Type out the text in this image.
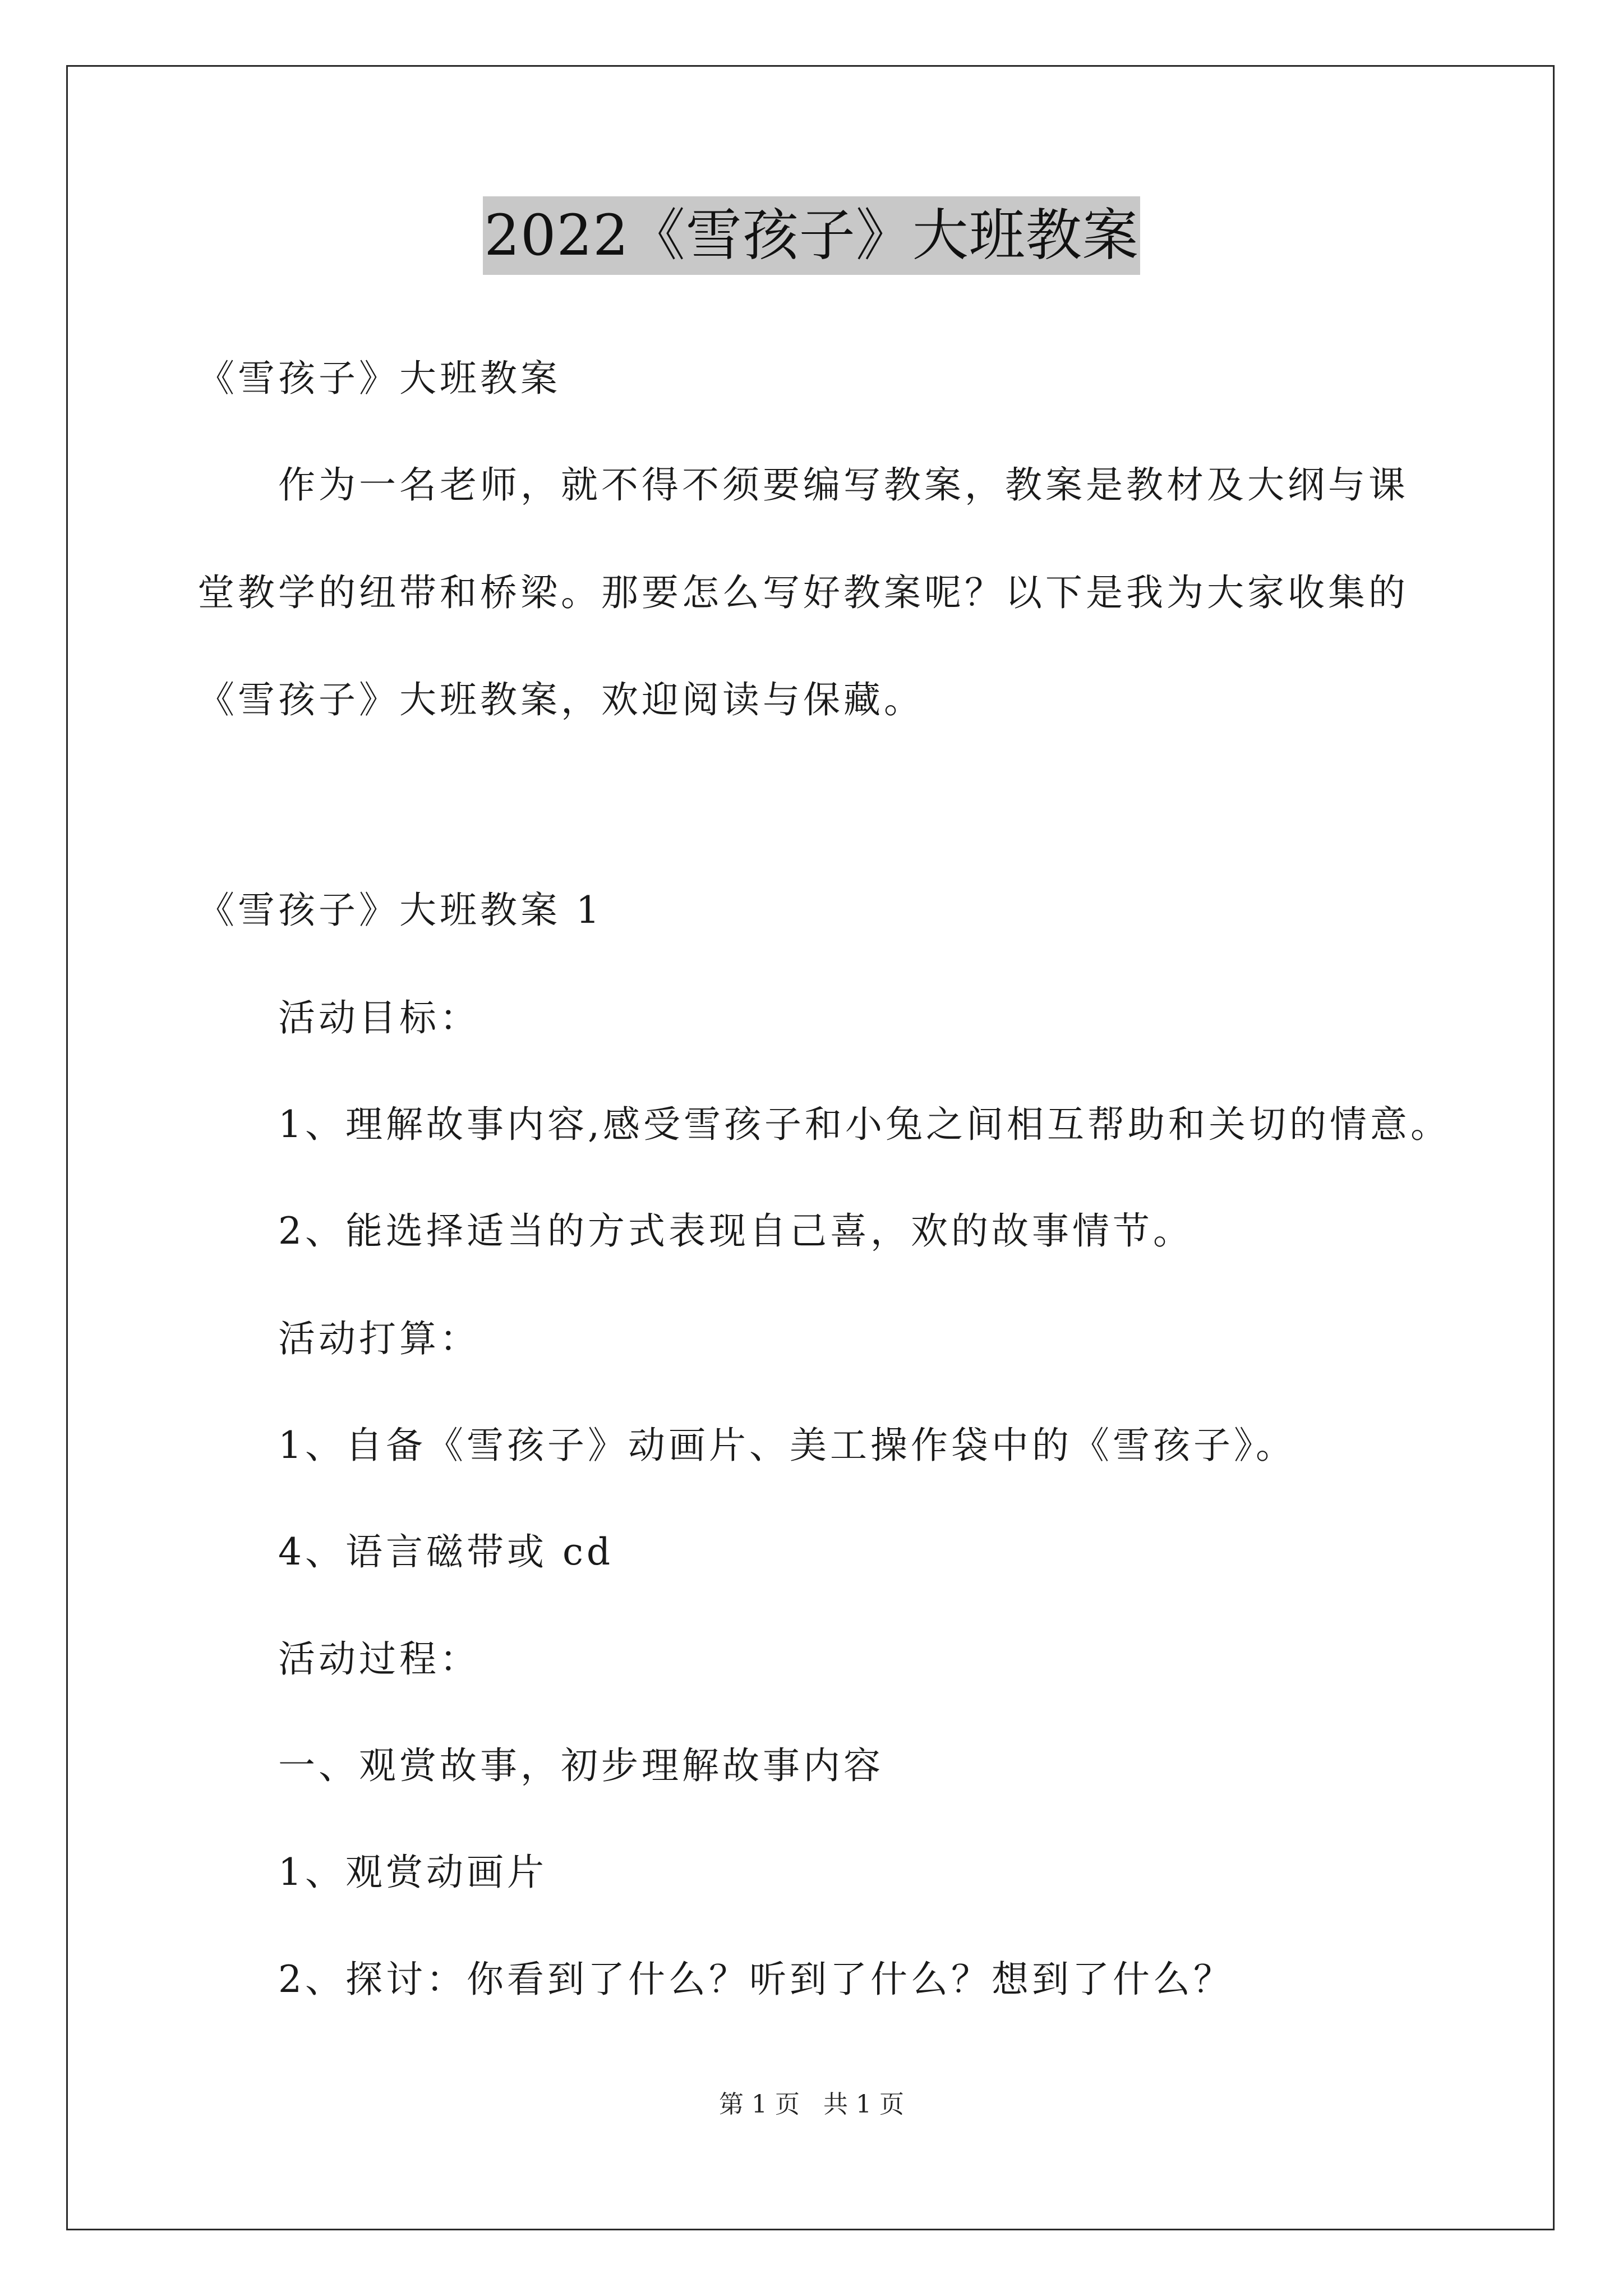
2022《雪孩子》大班教案
《雪孩子》大班教案
作为一名老师，就不得不须要编写教案，教案是教材及大纲与课
堂教学的纽带和桥梁。那要怎么写好教案呢？以下是我为大家收集的
《雪孩子》大班教案，欢迎阅读与保藏。
《雪孩子》大班教案 1
活动目标：
1、理解故事内容,感受雪孩子和小兔之间相互帮助和关切的情意。
2、能选择适当的方式表现自己喜，欢的故事情节。
活动打算：
1、自备《雪孩子》动画片、美工操作袋中的《雪孩子》。
4、语言磁带或 cd
活动过程：
一、观赏故事，初步理解故事内容
1、观赏动画片
2、探讨：你看到了什么？听到了什么？想到了什么？
第 1 页   共 1 页
